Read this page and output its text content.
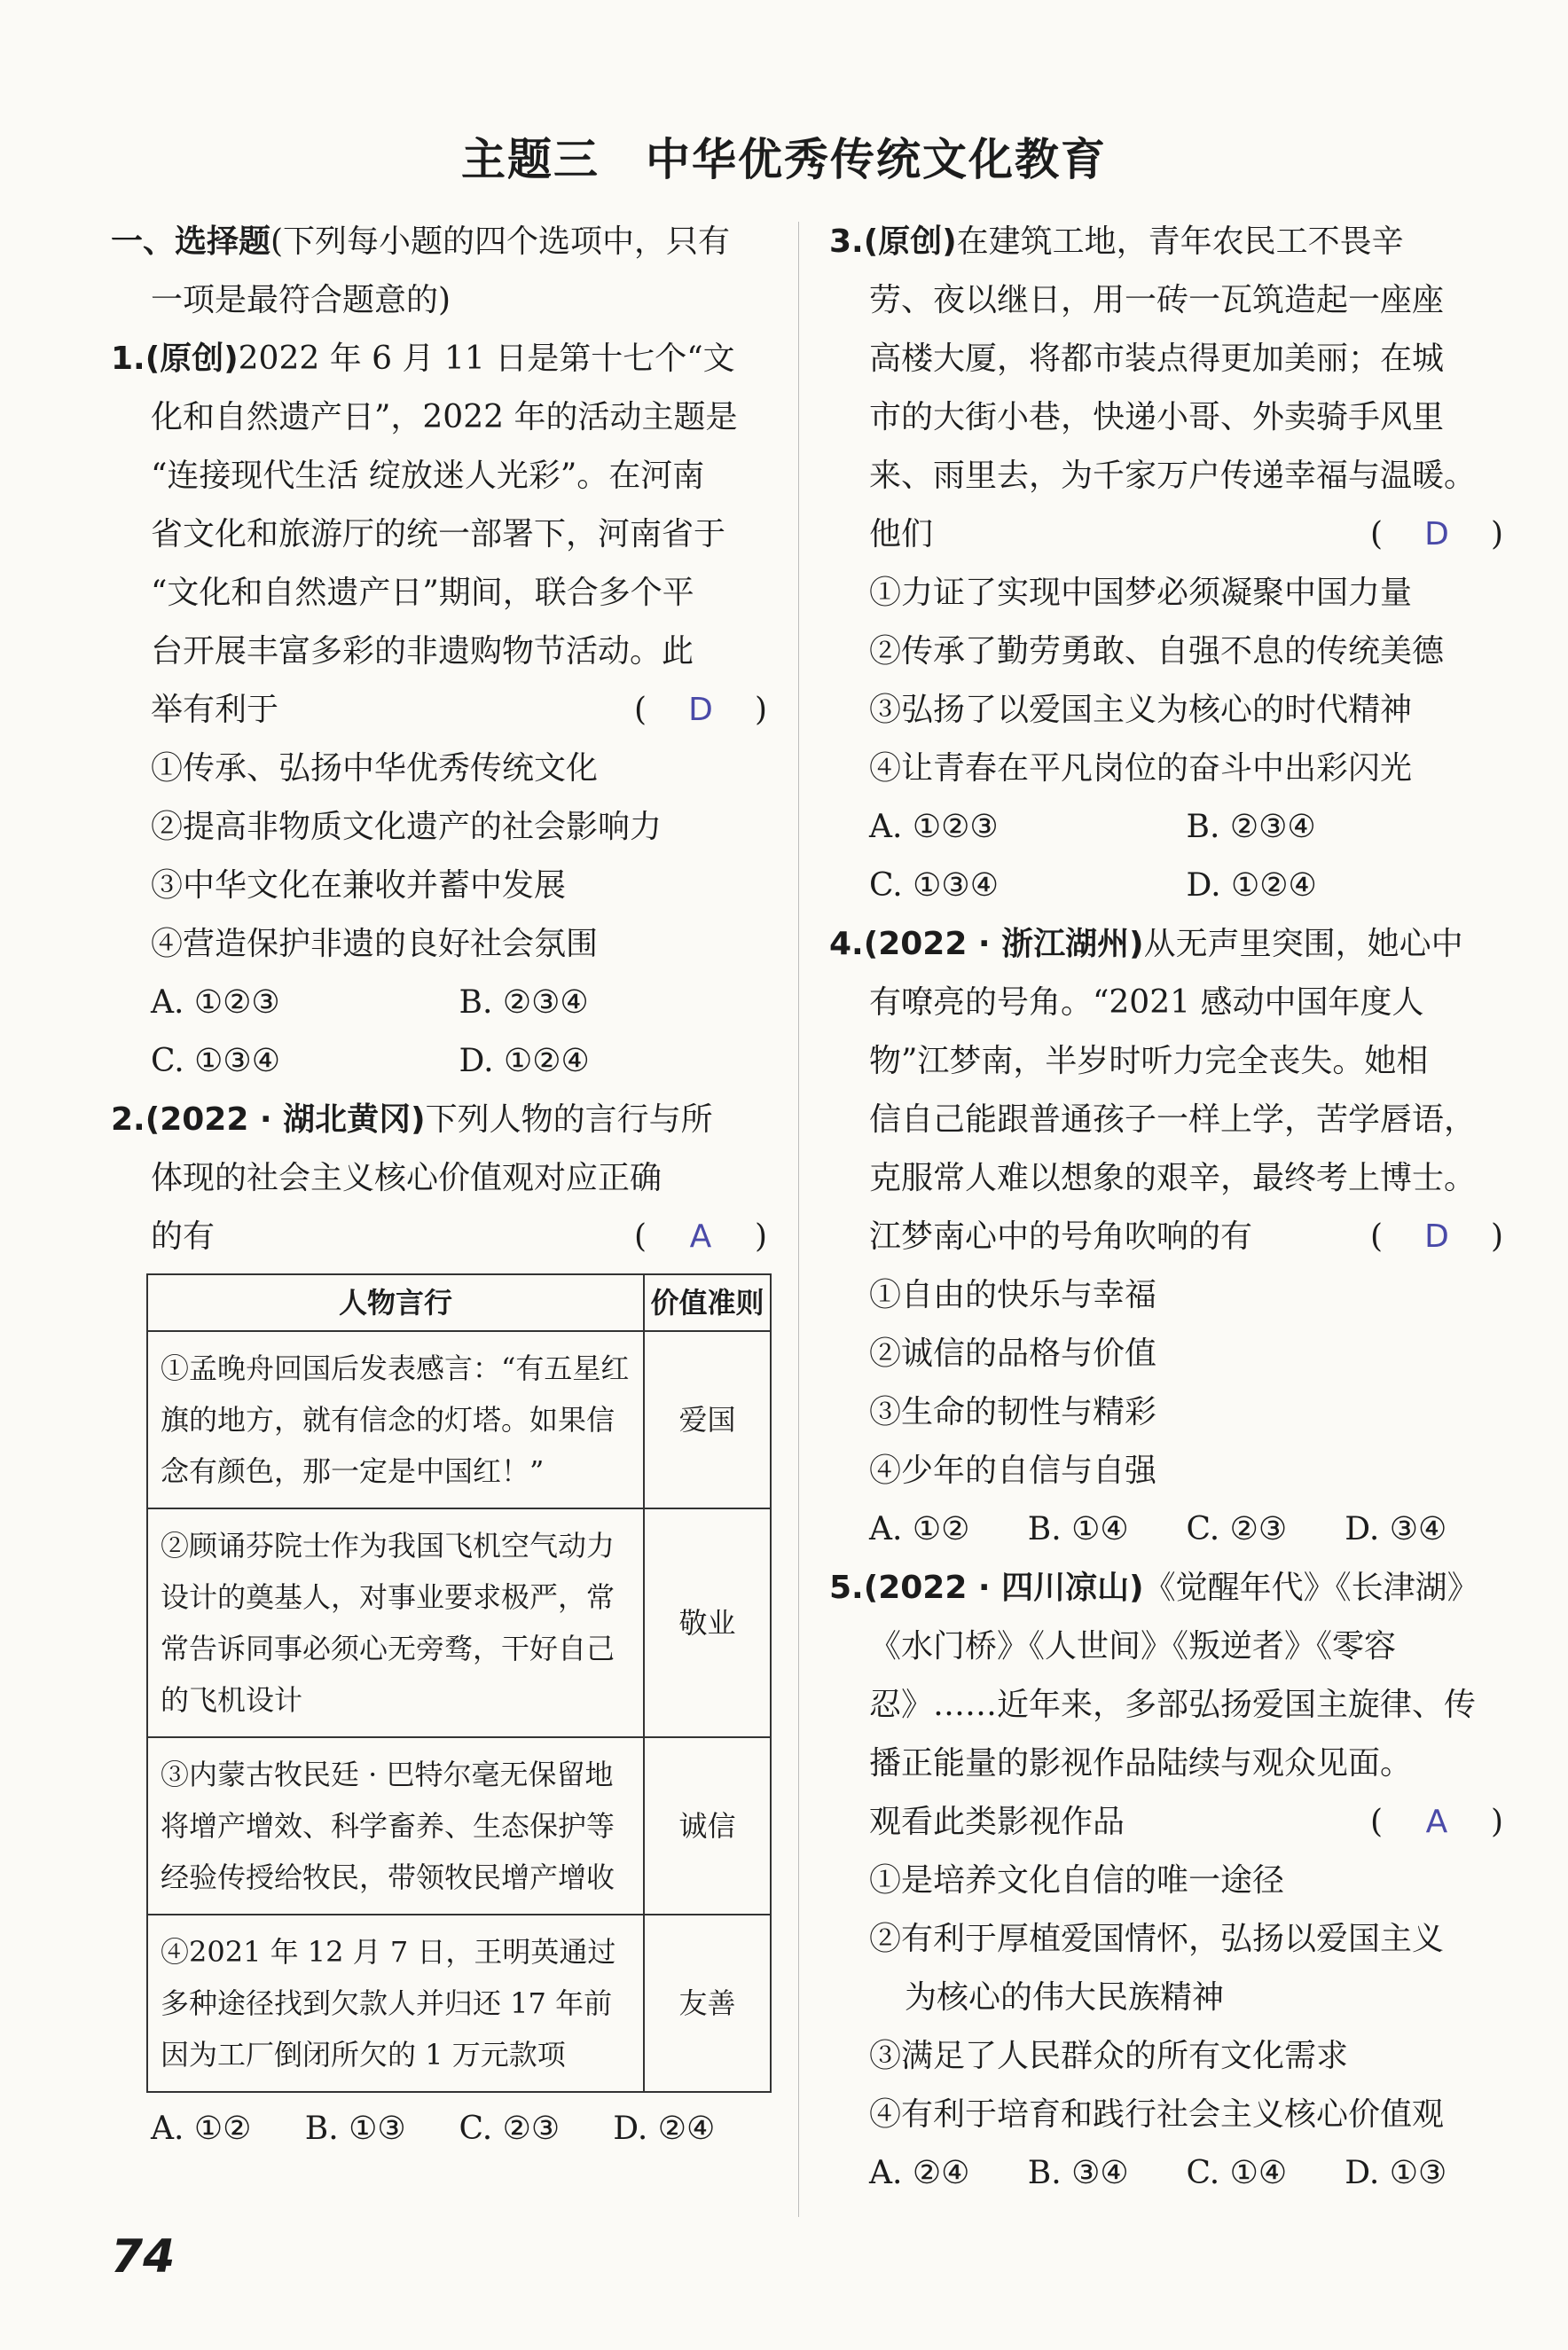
主题三　中华优秀传统文化教育
一、选择题(下列每小题的四个选项中，只有
一项是最符合题意的)
1.(原创)2022 年 6 月 11 日是第十七个“文
化和自然遗产日”，2022 年的活动主题是
“连接现代生活 绽放迷人光彩”。在河南
省文化和旅游厅的统一部署下，河南省于
“文化和自然遗产日”期间，联合多个平
台开展丰富多彩的非遗购物节活动。此
举有利于	( D )
①传承、弘扬中华优秀传统文化
②提高非物质文化遗产的社会影响力
③中华文化在兼收并蓄中发展
④营造保护非遗的良好社会氛围
A. ①②③	B. ②③④
C. ①③④	D. ①②④
2.(2022 · 湖北黄冈)下列人物的言行与所
体现的社会主义核心价值观对应正确
的有	( A )
人物言行	价值准则
①孟晚舟回国后发表感言：“有五星红旗的地方，就有信念的灯塔。如果信念有颜色，那一定是中国红！”	爱国
②顾诵芬院士作为我国飞机空气动力设计的奠基人，对事业要求极严，常常告诉同事必须心无旁骛，干好自己的飞机设计	敬业
③内蒙古牧民廷 · 巴特尔毫无保留地将增产增效、科学畜养、生态保护等经验传授给牧民，带领牧民增产增收	诚信
④2021 年 12 月 7 日，王明英通过多种途径找到欠款人并归还 17 年前因为工厂倒闭所欠的 1 万元款项	友善
A. ①②	B. ①③	C. ②③	D. ②④
3.(原创)在建筑工地，青年农民工不畏辛
劳、夜以继日，用一砖一瓦筑造起一座座
高楼大厦，将都市装点得更加美丽；在城
市的大街小巷，快递小哥、外卖骑手风里
来、雨里去，为千家万户传递幸福与温暖。
他们	( D )
①力证了实现中国梦必须凝聚中国力量
②传承了勤劳勇敢、自强不息的传统美德
③弘扬了以爱国主义为核心的时代精神
④让青春在平凡岗位的奋斗中出彩闪光
A. ①②③	B. ②③④
C. ①③④	D. ①②④
4.(2022 · 浙江湖州)从无声里突围，她心中
有嘹亮的号角。“2021 感动中国年度人
物”江梦南，半岁时听力完全丧失。她相
信自己能跟普通孩子一样上学，苦学唇语，
克服常人难以想象的艰辛，最终考上博士。
江梦南心中的号角吹响的有	( D )
①自由的快乐与幸福
②诚信的品格与价值
③生命的韧性与精彩
④少年的自信与自强
A. ①②	B. ①④	C. ②③	D. ③④
5.(2022 · 四川凉山)《觉醒年代》《长津湖》
《水门桥》《人世间》《叛逆者》《零容
忍》……近年来，多部弘扬爱国主旋律、传
播正能量的影视作品陆续与观众见面。
观看此类影视作品	( A )
①是培养文化自信的唯一途径
②有利于厚植爱国情怀，弘扬以爱国主义
为核心的伟大民族精神
③满足了人民群众的所有文化需求
④有利于培育和践行社会主义核心价值观
A. ②④	B. ③④	C. ①④	D. ①③
74
